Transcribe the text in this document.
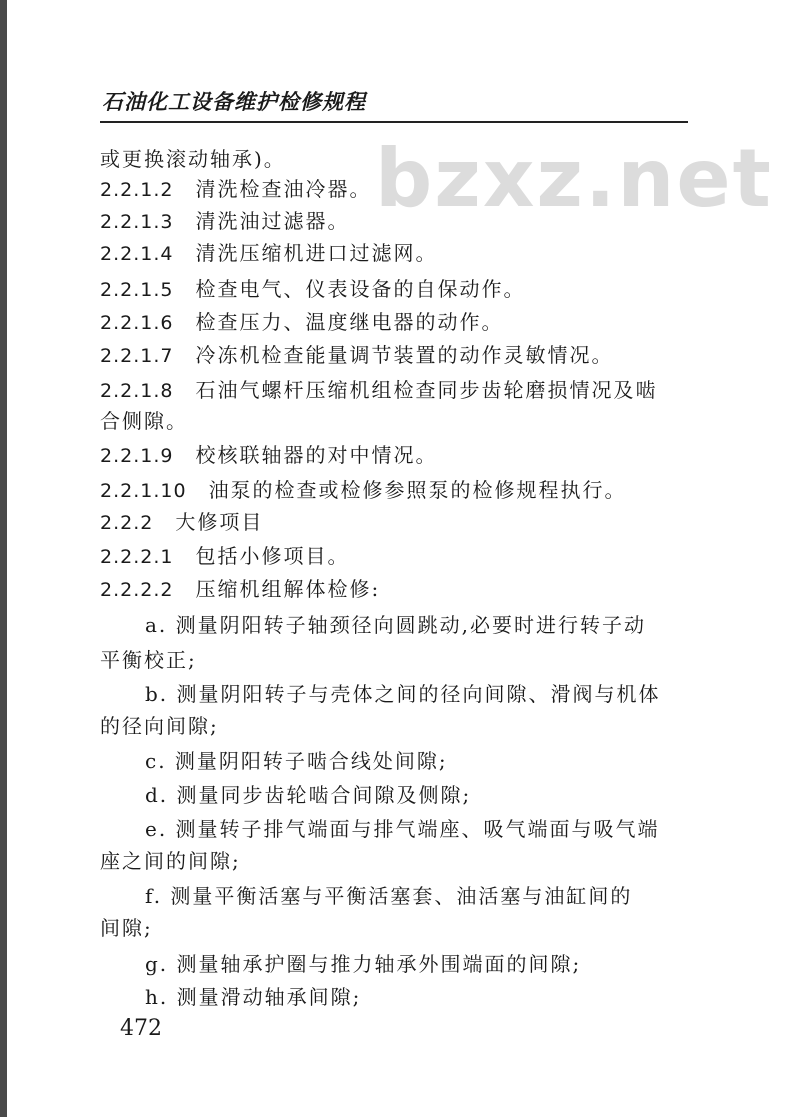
石油化工设备维护检修规程
bzxz.net
或更换滚动轴承)。
2.2.1.2 清洗检查油冷器。
2.2.1.3 清洗油过滤器。
2.2.1.4 清洗压缩机进口过滤网。
2.2.1.5 检查电气、仪表设备的自保动作。
2.2.1.6 检查压力、温度继电器的动作。
2.2.1.7 冷冻机检查能量调节装置的动作灵敏情况。
2.2.1.8 石油气螺杆压缩机组检查同步齿轮磨损情况及啮
合侧隙。
2.2.1.9 校核联轴器的对中情况。
2.2.1.10 油泵的检查或检修参照泵的检修规程执行。
2.2.2 大修项目
2.2.2.1 包括小修项目。
2.2.2.2 压缩机组解体检修:
a. 测量阴阳转子轴颈径向圆跳动,必要时进行转子动
平衡校正;
b. 测量阴阳转子与壳体之间的径向间隙、滑阀与机体
的径向间隙;
c. 测量阴阳转子啮合线处间隙;
d. 测量同步齿轮啮合间隙及侧隙;
e. 测量转子排气端面与排气端座、吸气端面与吸气端
座之间的间隙;
f. 测量平衡活塞与平衡活塞套、油活塞与油缸间的
间隙;
g. 测量轴承护圈与推力轴承外围端面的间隙;
h. 测量滑动轴承间隙;
472
